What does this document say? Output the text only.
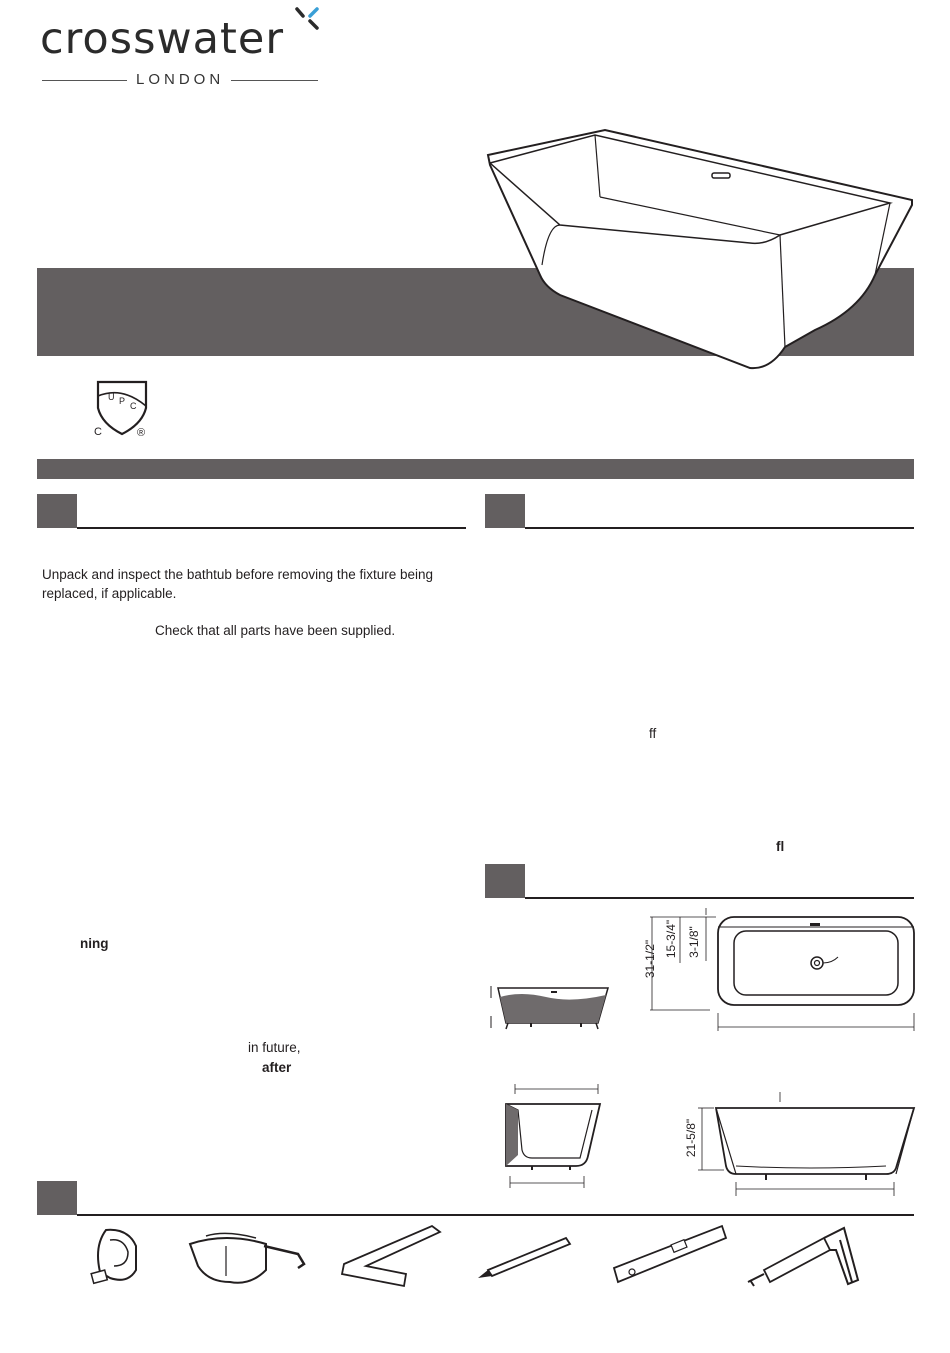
crosswater
LONDON
U P C
C	®
Unpack and inspect the bathtub before removing the fixture being replaced, if applicable.
Check that all parts have been supplied.
ning
in future,
after
ff
fl
31-1/2"
15-3/4" 3-1/8"
21-5/8"
